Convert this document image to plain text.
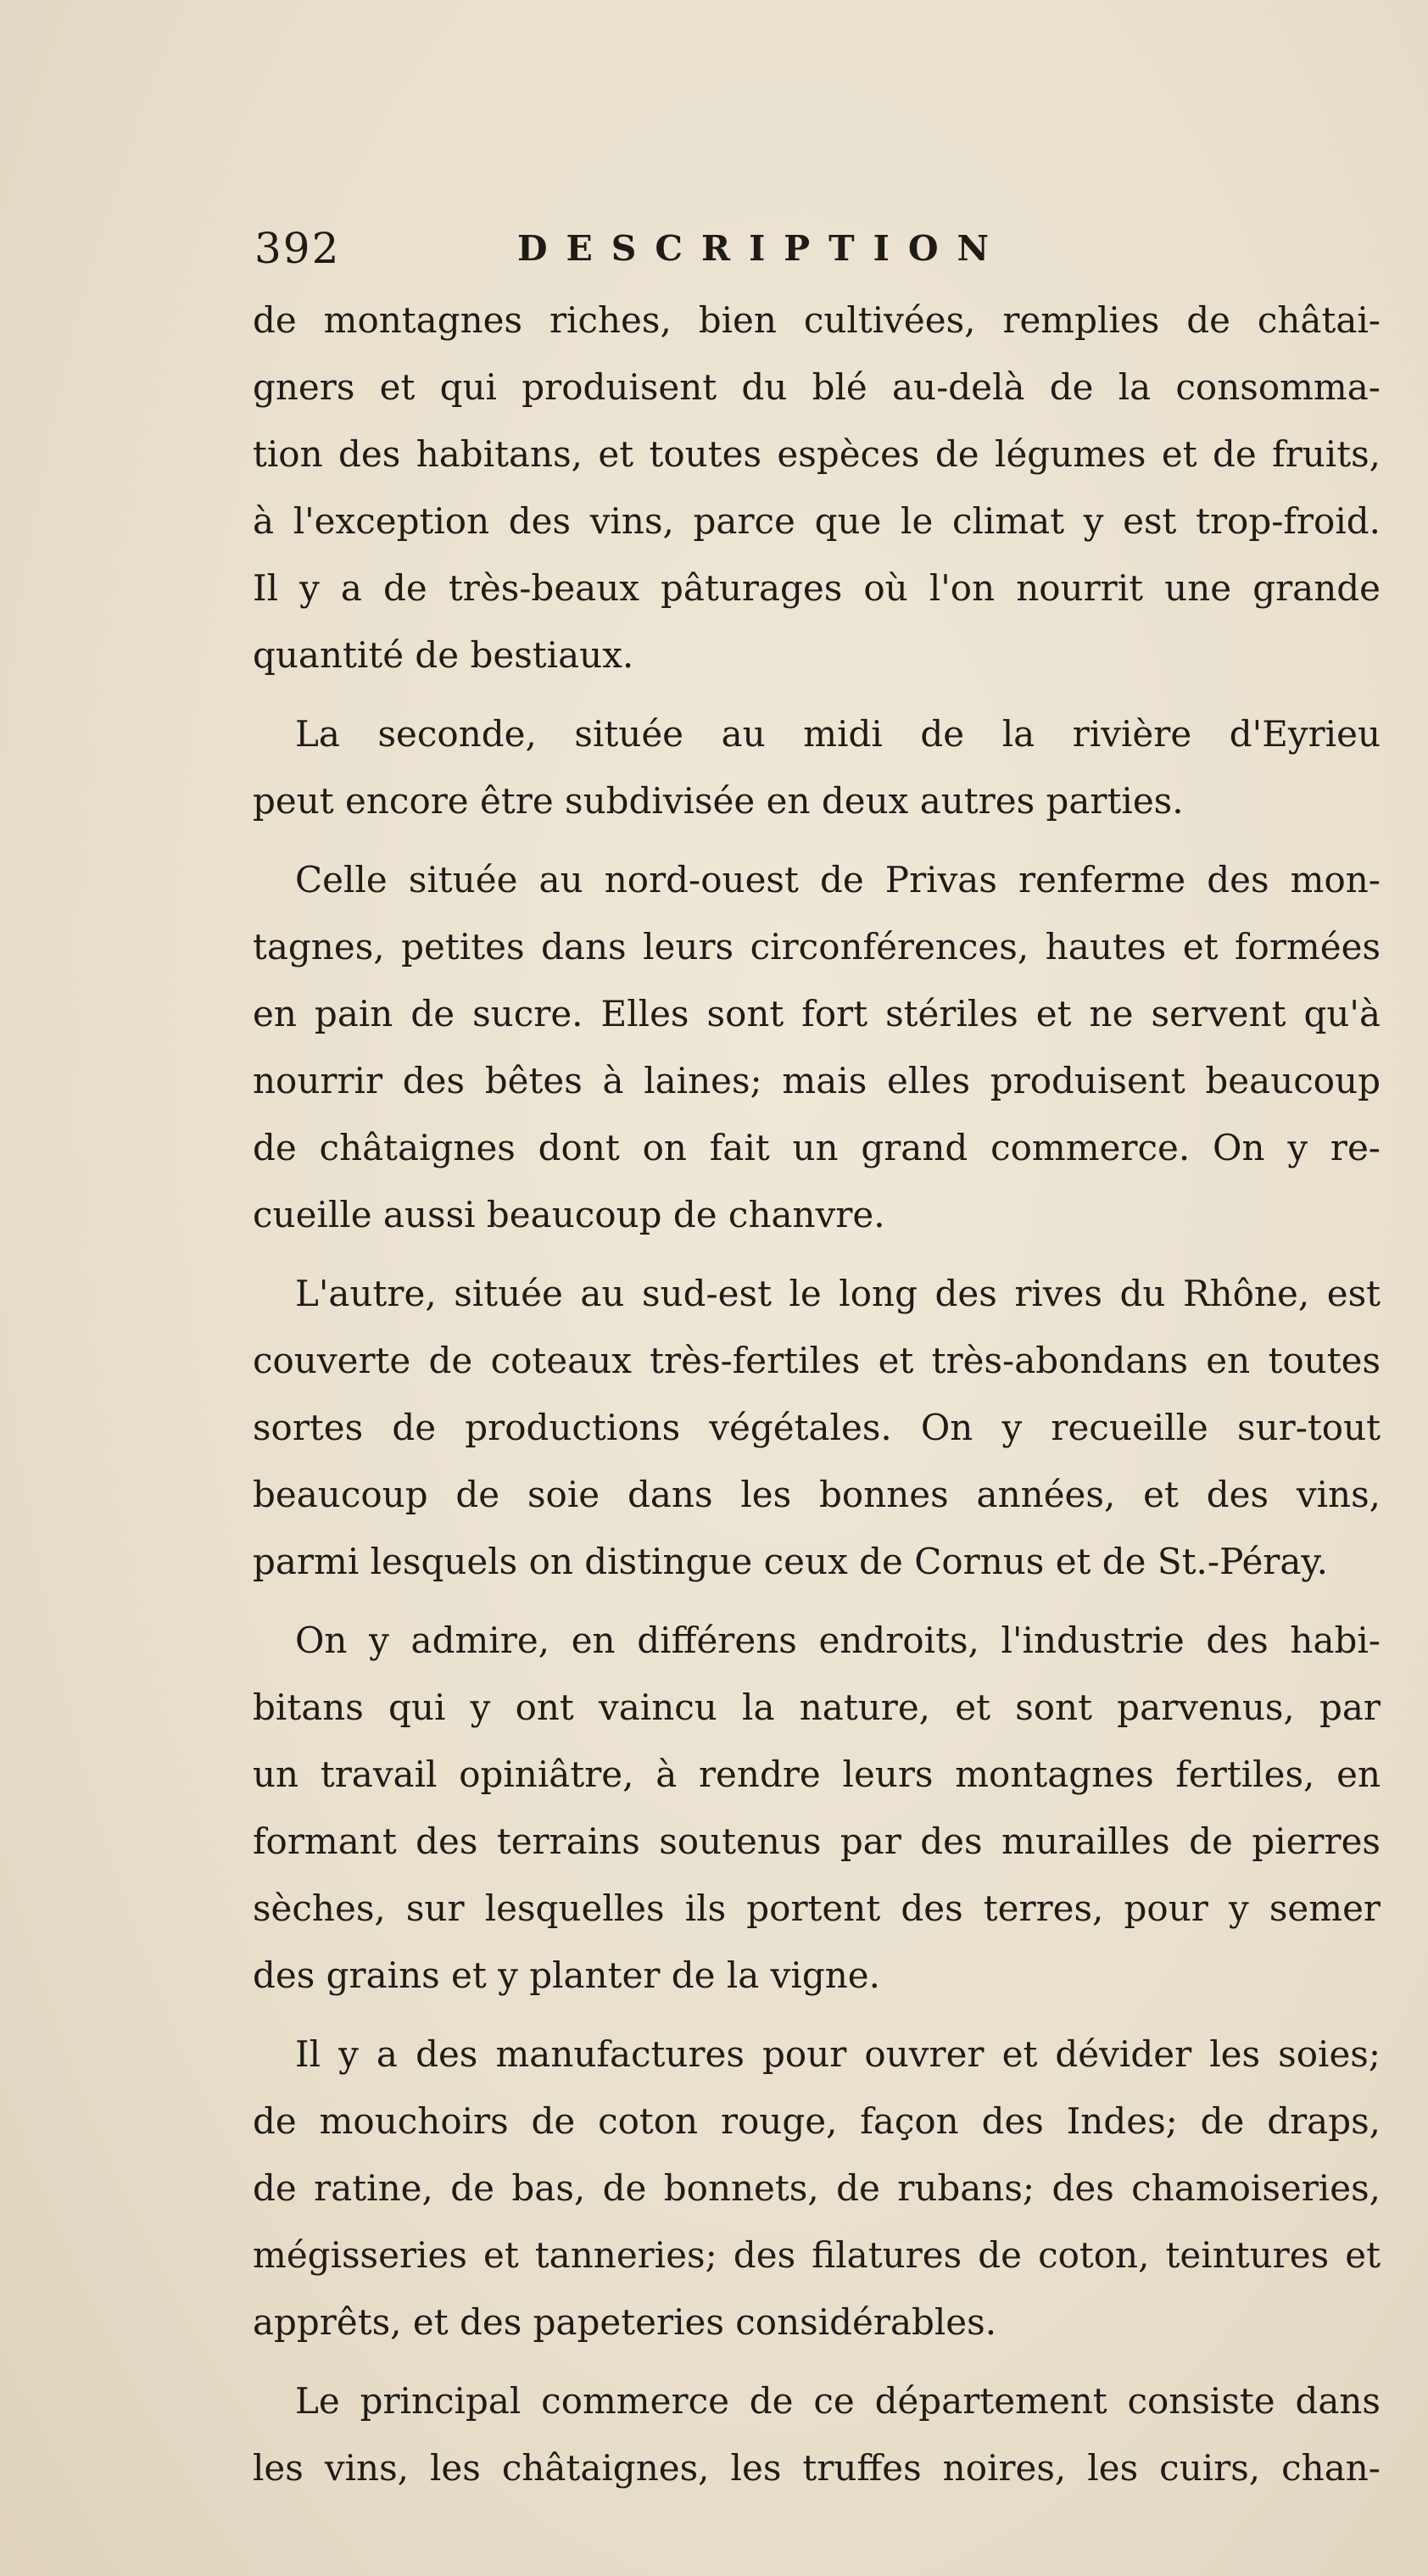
392	DESCRIPTION
de montagnes riches, bien cultivées, remplies de châtai-
gners et qui produisent du blé au-delà de la consomma-
tion des habitans, et toutes espèces de légumes et de fruits,
à l'exception des vins, parce que le climat y est trop-froid.
Il y a de très-beaux pâturages où l'on nourrit une grande
quantité de bestiaux.
La seconde, située au midi de la rivière d'Eyrieu
peut encore être subdivisée en deux autres parties.
Celle située au nord-ouest de Privas renferme des mon-
tagnes, petites dans leurs circonférences, hautes et formées
en pain de sucre. Elles sont fort stériles et ne servent qu'à
nourrir des bêtes à laines; mais elles produisent beaucoup
de châtaignes dont on fait un grand commerce. On y re-
cueille aussi beaucoup de chanvre.
L'autre, située au sud-est le long des rives du Rhône, est
couverte de coteaux très-fertiles et très-abondans en toutes
sortes de productions végétales. On y recueille sur-tout
beaucoup de soie dans les bonnes années, et des vins,
parmi lesquels on distingue ceux de Cornus et de St.-Péray.
On y admire, en différens endroits, l'industrie des habi-
bitans qui y ont vaincu la nature, et sont parvenus, par
un travail opiniâtre, à rendre leurs montagnes fertiles, en
formant des terrains soutenus par des murailles de pierres
sèches, sur lesquelles ils portent des terres, pour y semer
des grains et y planter de la vigne.
Il y a des manufactures pour ouvrer et dévider les soies;
de mouchoirs de coton rouge, façon des Indes; de draps,
de ratine, de bas, de bonnets, de rubans; des chamoiseries,
mégisseries et tanneries; des filatures de coton, teintures et
apprêts, et des papeteries considérables.
Le principal commerce de ce département consiste dans
les vins, les châtaignes, les truffes noires, les cuirs, chan-
